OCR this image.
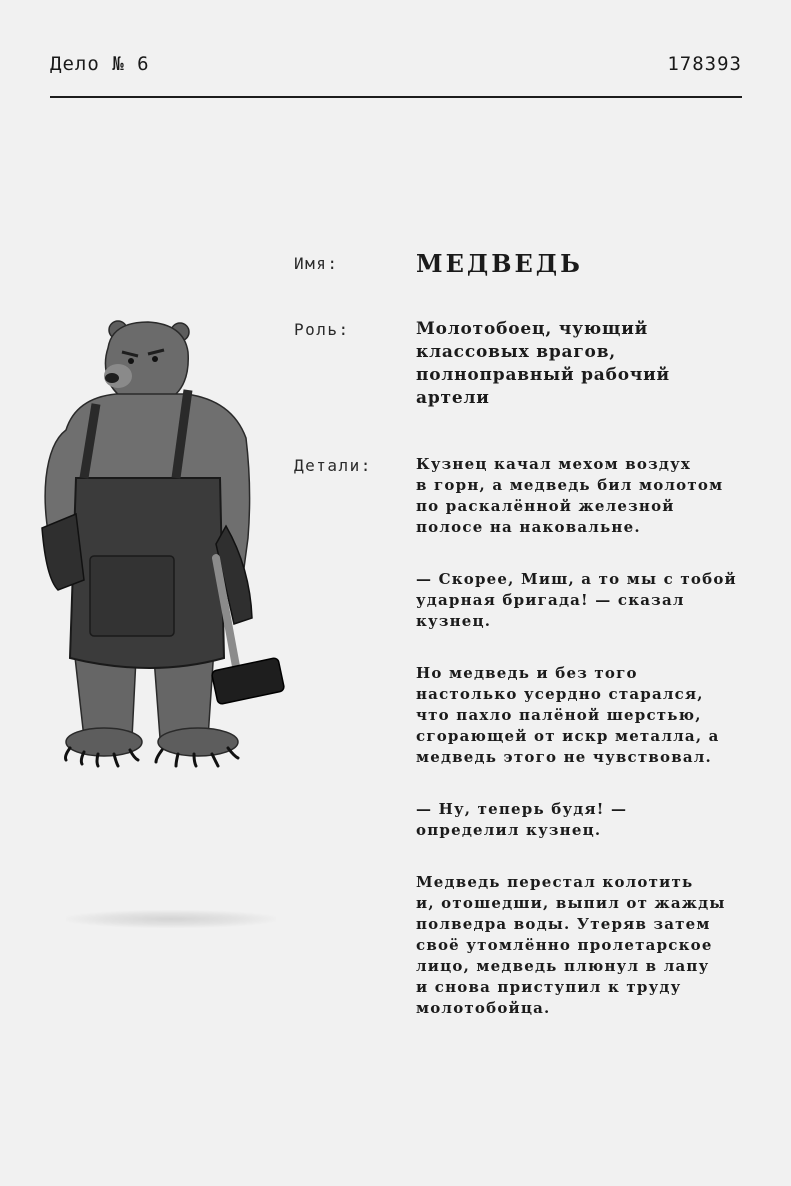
Дело № 6	178393
Имя:	МЕДВЕДЬ
Роль:	Молотобоец, чующий
классовых врагов,
полноправный рабочий
артели
Детали:	Кузнец качал мехом воздух
в горн, а медведь бил молотом
по раскалённой железной
полосе на наковальне.

— Скорее, Миш, а то мы с тобой
ударная бригада! — сказал
кузнец.

Но медведь и без того
настолько усердно старался,
что пахло палёной шерстью,
сгорающей от искр металла, а
медведь этого не чувствовал.

— Ну, теперь будя! —
определил кузнец.

Медведь перестал колотить
и, отошедши, выпил от жажды
полведра воды. Утеряв затем
своё утомлённо пролетарское
лицо, медведь плюнул в лапу
и снова приступил к труду
молотобойца.
